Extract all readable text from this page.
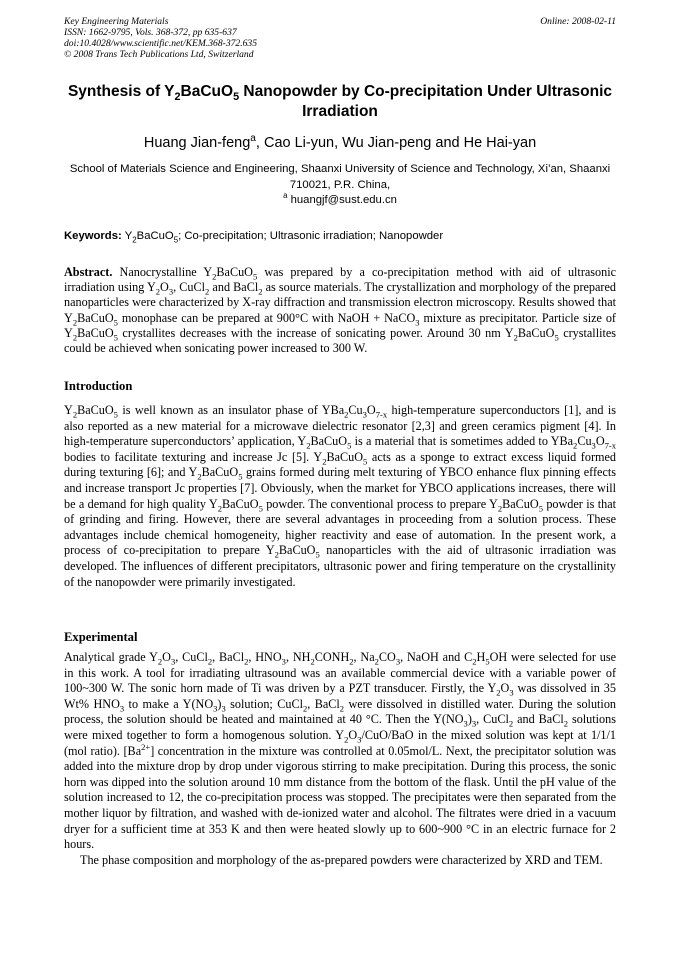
Key Engineering Materials
ISSN: 1662-9795, Vols. 368-372, pp 635-637
doi:10.4028/www.scientific.net/KEM.368-372.635
© 2008 Trans Tech Publications Ltd, Switzerland
Online: 2008-02-11
Synthesis of $Y_2BaCuO_5$ Nanopowder by Co-precipitation Under Ultrasonic Irradiation
Huang Jian-feng$^a$, Cao Li-yun, Wu Jian-peng and He Hai-yan
School of Materials Science and Engineering, Shaanxi University of Science and Technology, Xi’an, Shaanxi 710021, P.R. China,
$^a$ huangjf@sust.edu.cn
Keywords: $Y_2BaCuO_5$; Co-precipitation; Ultrasonic irradiation; Nanopowder
Abstract. Nanocrystalline $Y_2BaCuO_5$ was prepared by a co-precipitation method with aid of ultrasonic irradiation using $Y_2O_3$, CuCl$_2$ and BaCl$_2$ as source materials. The crystallization and morphology of the prepared nanoparticles were characterized by X-ray diffraction and transmission electron microscopy. Results showed that $Y_2BaCuO_5$ monophase can be prepared at 900°C with NaOH + NaCO$_3$ mixture as precipitator. Particle size of $Y_2BaCuO_5$ crystallites decreases with the increase of sonicating power. Around 30 nm $Y_2BaCuO_5$ crystallites could be achieved when sonicating power increased to 300 W.
Introduction

$Y_2BaCuO_5$ is well known as an insulator phase of $YBa_2Cu_3O_{7-x}$ high-temperature superconductors [1], and is also reported as a new material for a microwave dielectric resonator [2,3] and green ceramics pigment [4]. In high-temperature superconductors’ application, $Y_2BaCuO_5$ is a material that is sometimes added to $YBa_2Cu_3O_{7-x}$ bodies to facilitate texturing and increase Jc [5]. $Y_2BaCuO_5$ acts as a sponge to extract excess liquid formed during texturing [6]; and $Y_2BaCuO_5$ grains formed during melt texturing of YBCO enhance flux pinning effects and increase transport Jc properties [7]. Obviously, when the market for YBCO applications increases, there will be a demand for high quality $Y_2BaCuO_5$ powder. The conventional process to prepare $Y_2BaCuO_5$ powder is that of grinding and firing. However, there are several advantages in proceeding from a solution process. These advantages include chemical homogeneity, higher reactivity and ease of automation. In the present work, a process of co-precipitation to prepare $Y_2BaCuO_5$ nanoparticles with the aid of ultrasonic irradiation was developed. The influences of different precipitators, ultrasonic power and firing temperature on the crystallinity of the nanopowder were primarily investigated.

Experimental

Analytical grade $Y_2O_3$, CuCl$_2$, BaCl$_2$, $HNO_3$, $NH_2CONH_2$, $Na_2CO_3$, NaOH and $C_2H_5OH$ were selected for use in this work. A tool for irradiating ultrasound was an available commercial device with a variable power of 100~300 W. The sonic horn made of Ti was driven by a PZT transducer. Firstly, the $Y_2O_3$ was dissolved in 35 Wt% $HNO_3$ to make a $Y(NO_3)_3$ solution; CuCl$_2$, BaCl$_2$ were dissolved in distilled water. During the solution process, the solution should be heated and maintained at 40 °C. Then the $Y(NO_3)_3$, CuCl$_2$ and BaCl$_2$ solutions were mixed together to form a homogenous solution. $Y_2O_3/CuO$/BaO in the mixed solution was kept at 1/1/1 (mol ratio). $[Ba^{2+}]$ concentration in the mixture was controlled at 0.05mol/L. Next, the precipitator solution was added into the mixture drop by drop under vigorous stirring to make precipitation. During this process, the sonic horn was dipped into the solution around 10 mm distance from the bottom of the flask. Until the pH value of the solution increased to 12, the co-precipitation process was stopped. The precipitates were then separated from the mother liquor by filtration, and washed with de-ionized water and alcohol. The filtrates were dried in a vacuum dryer for a sufficient time at 353 K and then were heated slowly up to 600~900 °C in an electric furnace for 2 hours.

The phase composition and morphology of the as-prepared powders were characterized by XRD and TEM.
